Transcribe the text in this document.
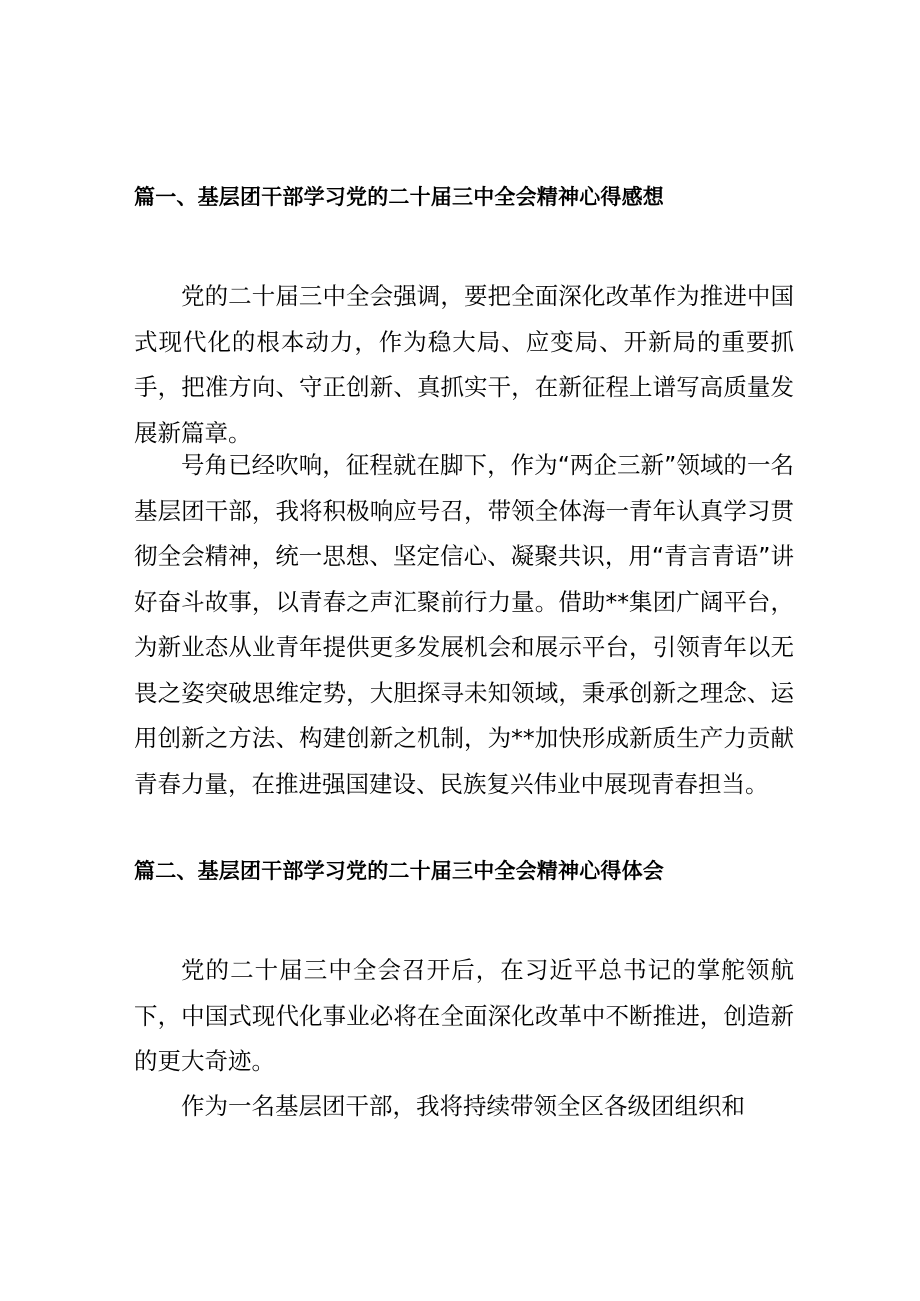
篇一、基层团干部学习党的二十届三中全会精神心得感想

党的二十届三中全会强调，要把全面深化改革作为推进中国式现代化的根本动力，作为稳大局、应变局、开新局的重要抓手，把准方向、守正创新、真抓实干，在新征程上谱写高质量发展新篇章。

号角已经吹响，征程就在脚下，作为“两企三新”领域的一名基层团干部，我将积极响应号召，带领全体海一青年认真学习贯彻全会精神，统一思想、坚定信心、凝聚共识，用“青言青语”讲好奋斗故事，以青春之声汇聚前行力量。借助**集团广阔平台，为新业态从业青年提供更多发展机会和展示平台，引领青年以无畏之姿突破思维定势，大胆探寻未知领域，秉承创新之理念、运用创新之方法、构建创新之机制，为**加快形成新质生产力贡献青春力量，在推进强国建设、民族复兴伟业中展现青春担当。

篇二、基层团干部学习党的二十届三中全会精神心得体会

党的二十届三中全会召开后，在习近平总书记的掌舵领航下，中国式现代化事业必将在全面深化改革中不断推进，创造新的更大奇迹。

作为一名基层团干部，我将持续带领全区各级团组织和
